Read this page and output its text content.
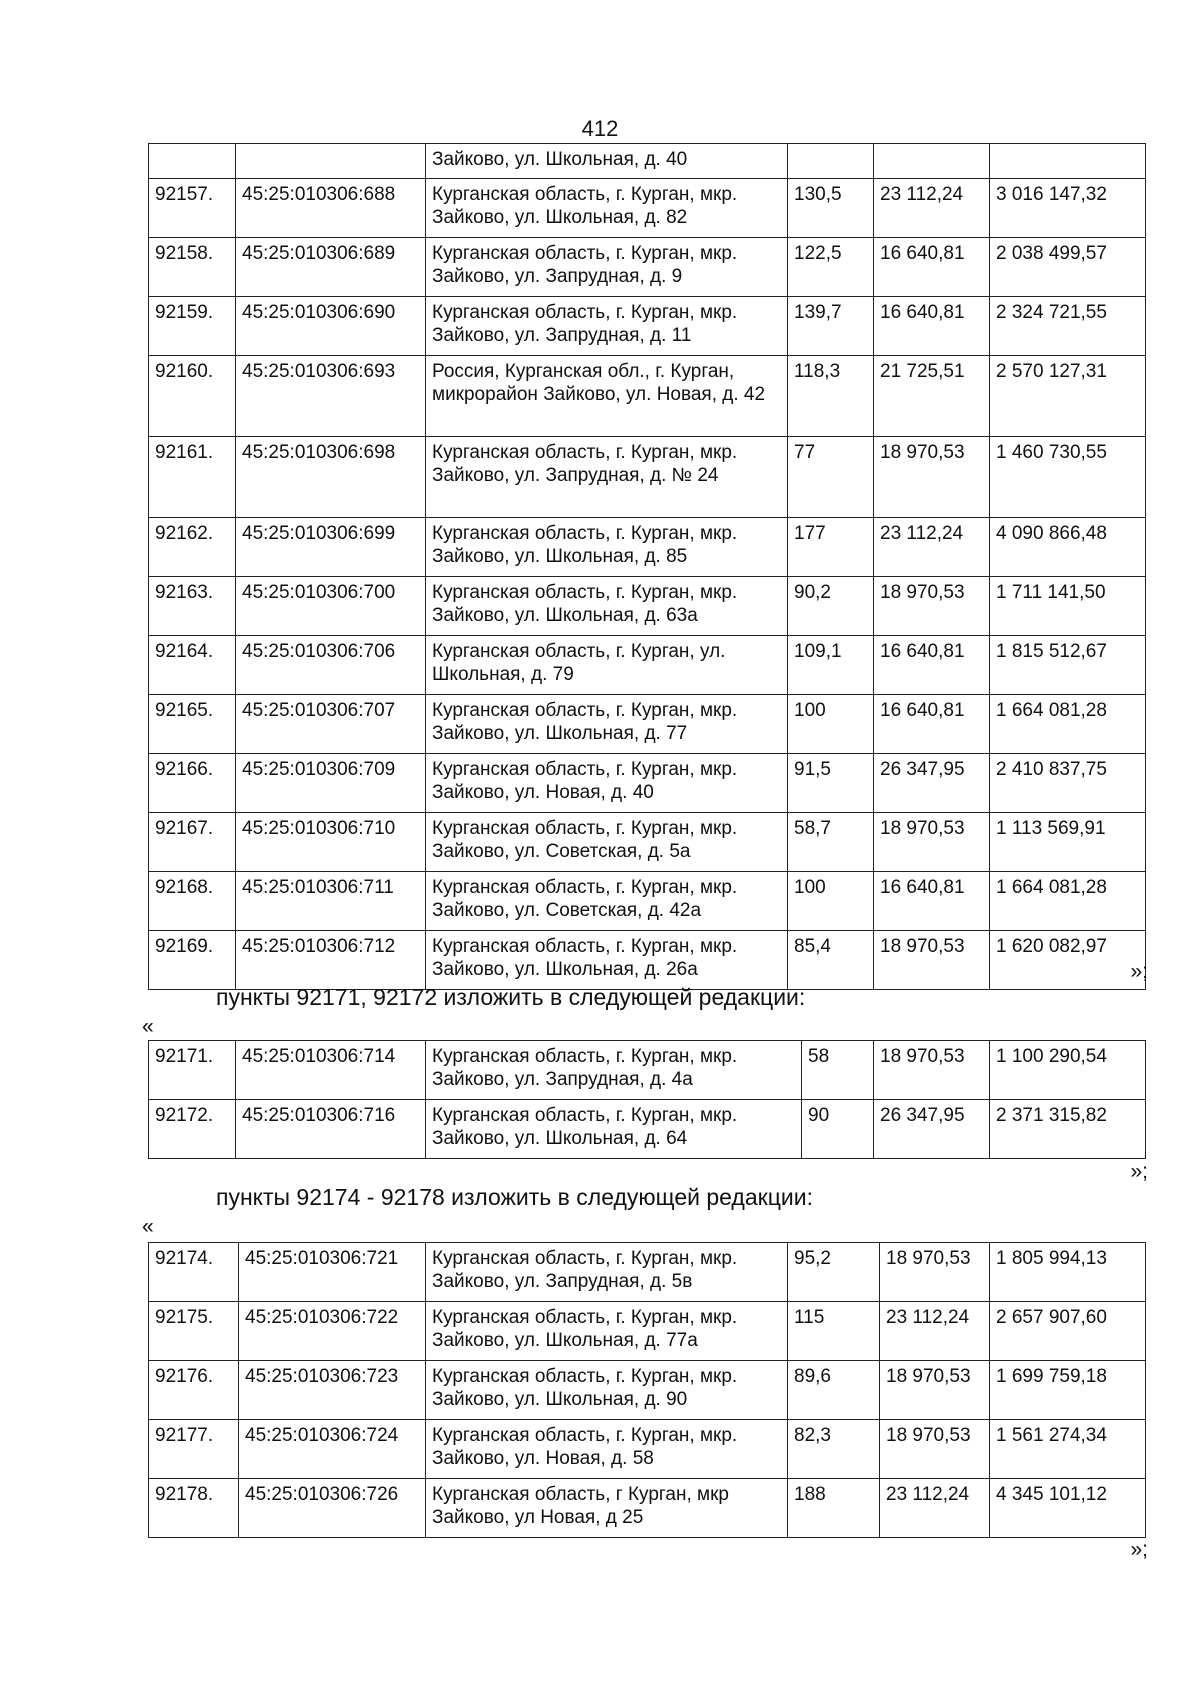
412
		Зайково, ул. Школьная, д. 40			
92157.	45:25:010306:688	Курганская область, г. Курган, мкр. Зайково, ул. Школьная, д. 82	130,5	23 112,24	3 016 147,32
92158.	45:25:010306:689	Курганская область, г. Курган, мкр. Зайково, ул. Запрудная, д. 9	122,5	16 640,81	2 038 499,57
92159.	45:25:010306:690	Курганская область, г. Курган, мкр. Зайково, ул. Запрудная, д. 11	139,7	16 640,81	2 324 721,55
92160.	45:25:010306:693	Россия, Курганская обл., г. Курган, микрорайон Зайково, ул. Новая, д. 42	118,3	21 725,51	2 570 127,31
92161.	45:25:010306:698	Курганская область, г. Курган, мкр. Зайково, ул. Запрудная, д. № 24	77	18 970,53	1 460 730,55
92162.	45:25:010306:699	Курганская область, г. Курган, мкр. Зайково, ул. Школьная, д. 85	177	23 112,24	4 090 866,48
92163.	45:25:010306:700	Курганская область, г. Курган, мкр. Зайково, ул. Школьная, д. 63а	90,2	18 970,53	1 711 141,50
92164.	45:25:010306:706	Курганская область, г. Курган, ул. Школьная, д. 79	109,1	16 640,81	1 815 512,67
92165.	45:25:010306:707	Курганская область, г. Курган, мкр. Зайково, ул. Школьная, д. 77	100	16 640,81	1 664 081,28
92166.	45:25:010306:709	Курганская область, г. Курган, мкр. Зайково, ул. Новая, д. 40	91,5	26 347,95	2 410 837,75
92167.	45:25:010306:710	Курганская область, г. Курган, мкр. Зайково, ул. Советская, д. 5а	58,7	18 970,53	1 113 569,91
92168.	45:25:010306:711	Курганская область, г. Курган, мкр. Зайково, ул. Советская, д. 42а	100	16 640,81	1 664 081,28
92169.	45:25:010306:712	Курганская область, г. Курган, мкр. Зайково, ул. Школьная, д. 26а	85,4	18 970,53	1 620 082,97
»;
пункты 92171, 92172 изложить в следующей редакции:
«
92171.	45:25:010306:714	Курганская область, г. Курган, мкр. Зайково, ул. Запрудная, д. 4а	58	18 970,53	1 100 290,54
92172.	45:25:010306:716	Курганская область, г. Курган, мкр. Зайково, ул. Школьная, д. 64	90	26 347,95	2 371 315,82
»;
пункты 92174 - 92178 изложить в следующей редакции:
«
92174.	45:25:010306:721	Курганская область, г. Курган, мкр. Зайково, ул. Запрудная, д. 5в	95,2	18 970,53	1 805 994,13
92175.	45:25:010306:722	Курганская область, г. Курган, мкр. Зайково, ул. Школьная, д. 77а	115	23 112,24	2 657 907,60
92176.	45:25:010306:723	Курганская область, г. Курган, мкр. Зайково, ул. Школьная, д. 90	89,6	18 970,53	1 699 759,18
92177.	45:25:010306:724	Курганская область, г. Курган, мкр. Зайково, ул. Новая, д. 58	82,3	18 970,53	1 561 274,34
92178.	45:25:010306:726	Курганская область, г Курган, мкр Зайково, ул Новая, д 25	188	23 112,24	4 345 101,12
»;
